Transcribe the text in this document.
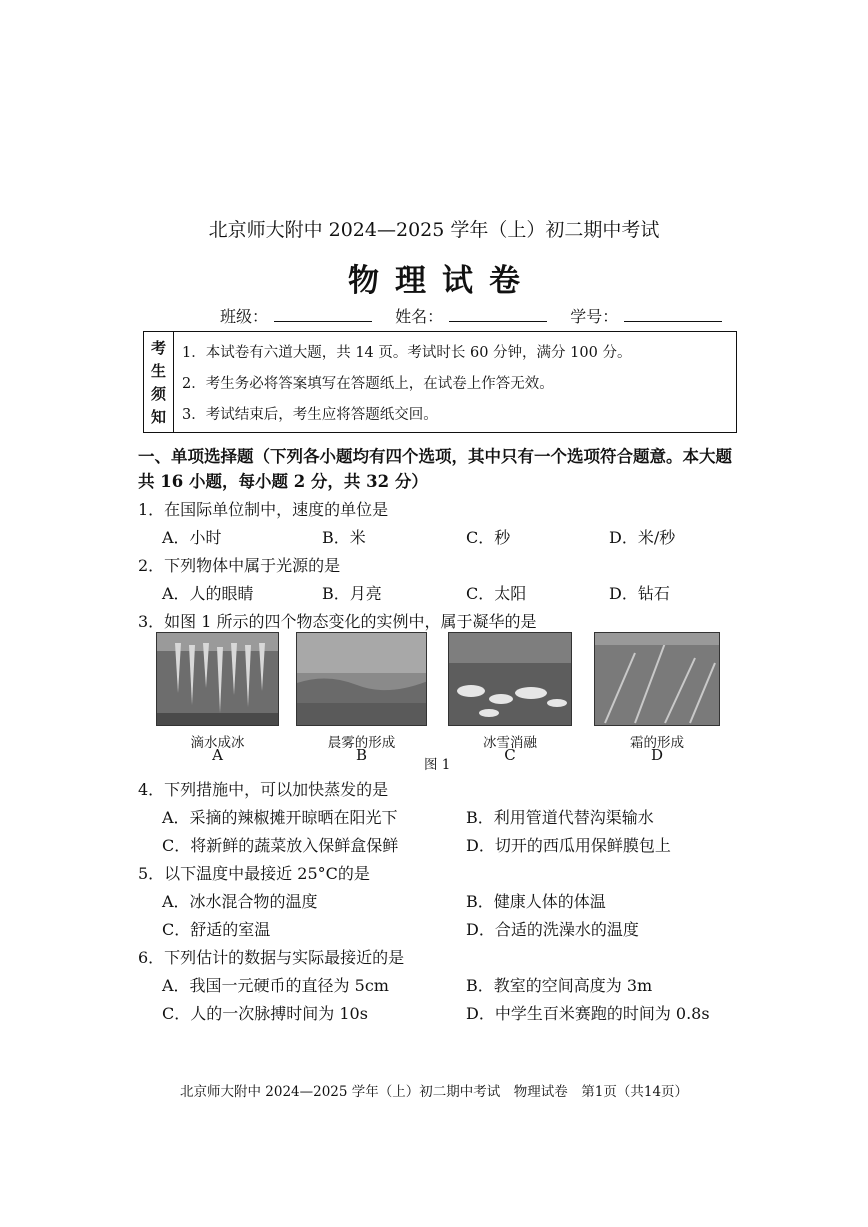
北京师大附中 2024—2025 学年（上）初二期中考试
物理试卷
班级：	姓名：	学号：
考
生
须
知
1．本试卷有六道大题，共 14 页。考试时长 60 分钟，满分 100 分。
2．考生务必将答案填写在答题纸上，在试卷上作答无效。
3．考试结束后，考生应将答题纸交回。
一、单项选择题（下列各小题均有四个选项，其中只有一个选项符合题意。本大题共 16 小题，每小题 2 分，共 32 分）
1．在国际单位制中，速度的单位是
A．小时	B．米	C．秒	D．米/秒
2．下列物体中属于光源的是
A．人的眼睛	B．月亮	C．太阳	D．钻石
3．如图 1 所示的四个物态变化的实例中，属于凝华的是
滴水成冰	晨雾的形成	冰雪消融	霜的形成
A	B
图 1
C	D
4．下列措施中，可以加快蒸发的是
A．采摘的辣椒摊开晾晒在阳光下	B．利用管道代替沟渠输水
C．将新鲜的蔬菜放入保鲜盒保鲜	D．切开的西瓜用保鲜膜包上
5．以下温度中最接近 25°C的是
A．冰水混合物的温度	B．健康人体的体温
C．舒适的室温	D．合适的洗澡水的温度
6．下列估计的数据与实际最接近的是
A．我国一元硬币的直径为 5cm	B．教室的空间高度为 3m
C．人的一次脉搏时间为 10s	D．中学生百米赛跑的时间为 0.8s
北京师大附中 2024—2025 学年（上）初二期中考试　物理试卷　第1页（共14页）
